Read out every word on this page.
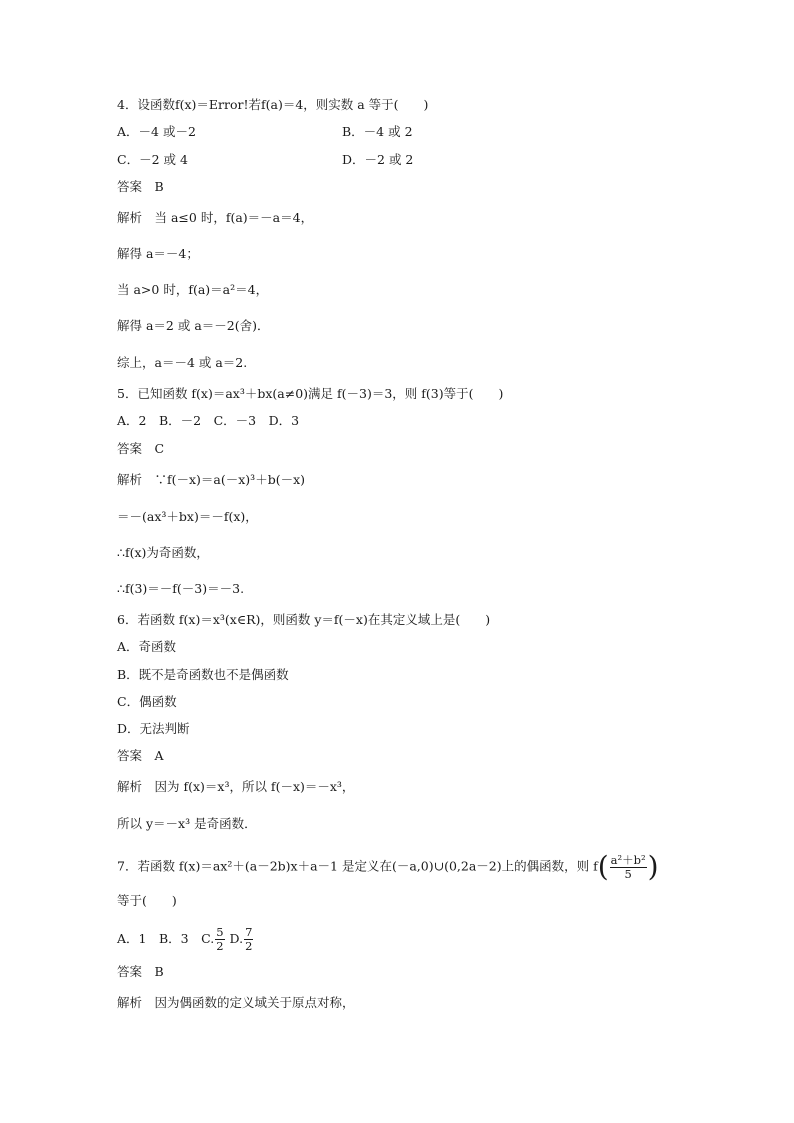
4．设函数f(x)＝Error!若f(a)＝4，则实数 a 等于(　　)
A．－4 或－2	B．－4 或 2
C．－2 或 4	D．－2 或 2
答案　B
解析　当 a≤0 时，f(a)＝－a＝4，
解得 a＝－4；
当 a>0 时，f(a)＝a²＝4，
解得 a＝2 或 a＝－2(舍)．
综上，a＝－4 或 a＝2.
5．已知函数 f(x)＝ax³＋bx(a≠0)满足 f(－3)＝3，则 f(3)等于(　　)
A．2　B．－2　C．－3　D．3
答案　C
解析　∵f(－x)＝a(－x)³＋b(－x)
＝－(ax³＋bx)＝－f(x)，
∴f(x)为奇函数，
∴f(3)＝－f(－3)＝－3.
6．若函数 f(x)＝x³(x∈R)，则函数 y＝f(－x)在其定义域上是(　　)
A．奇函数
B．既不是奇函数也不是偶函数
C．偶函数
D．无法判断
答案　A
解析　因为 f(x)＝x³，所以 f(－x)＝－x³，
所以 y＝－x³ 是奇函数．
等于(　　)
答案　B
解析　因为偶函数的定义域关于原点对称，
7．若函数 f(x)＝ax²＋(a－2b)x＋a－1 是定义在(－a,0)∪(0,2a－2)上的偶函数，则 $f( \frac{\text{a²＋b²}}{5}$ )
A．1　B．3　C. $\frac{5}{2} D$. $\frac{7}{2}$
